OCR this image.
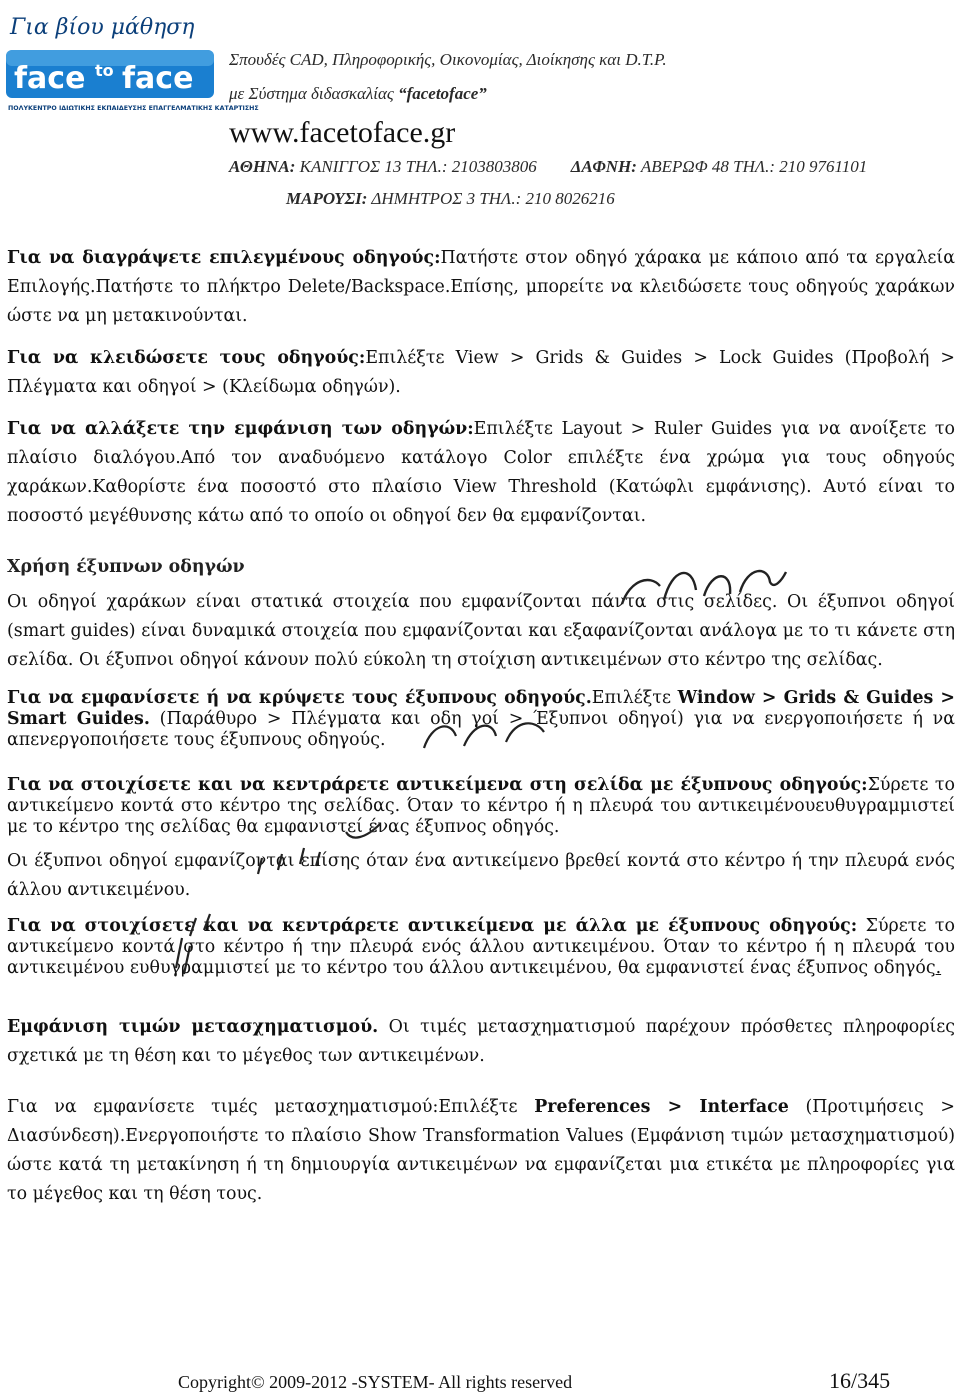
Για βίου μάθηση
face to face
ΠΟΛΥΚΕΝΤΡΟ ΙΔΙΩΤΙΚΗΣ ΕΚΠΑΙΔΕΥΣΗΣ ΕΠΑΓΓΕΛΜΑΤΙΚΗΣ ΚΑΤΑΡΤΙΣΗΣ
Σπουδές CAD, Πληροφορικής, Οικονομίας, Διοίκησης και D.T.P.
με Σύστημα διδασκαλίας “facetoface”
www.facetoface.gr
ΑΘΗΝΑ: ΚΑΝΙΓΓΟΣ 13 ΤΗΛ.: 2103803806 ΔΑΦΝΗ: ΑΒΕΡΩΦ 48 ΤΗΛ.: 210 9761101
ΜΑΡΟΥΣΙ: ΔΗΜΗΤΡΟΣ 3 ΤΗΛ.: 210 8026216

Για να διαγράψετε επιλεγμένους οδηγούς:Πατήστε στον οδηγό χάρακα με κάποιο από τα εργαλεία Επιλογής.Πατήστε το πλήκτρο Delete/Backspace.Επίσης, μπορείτε να κλειδώσετε τους οδηγούς χαράκων ώστε να μη μετακινούνται.

Για να κλειδώσετε τους οδηγούς:Επιλέξτε View > Grids & Guides > Lock Guides (Προβολή > Πλέγματα και οδηγοί > (Κλείδωμα οδηγών).

Για να αλλάξετε την εμφάνιση των οδηγών:Επιλέξτε Layout > Ruler Guides για να ανοίξετε το πλαίσιο διαλόγου.Από τον αναδυόμενο κατάλογο Color επιλέξτε ένα χρώμα για τους οδηγούς χαράκων.Καθορίστε ένα ποσοστό στο πλαίσιο View Threshold (Κατώφλι εμφάνισης). Αυτό είναι το ποσοστό μεγέθυνσης κάτω από το οποίο οι οδηγοί δεν θα εμφανίζονται.

Χρήση έξυπνων οδηγών

Οι οδηγοί χαράκων είναι στατικά στοιχεία που εμφανίζονται πάντα στις σελίδες. Οι έξυπνοι οδηγοί (smart guides) είναι δυναμικά στοιχεία που εμφανίζονται και εξαφανίζονται ανάλογα με το τι κάνετε στη σελίδα. Οι έξυπνοι οδηγοί κάνουν πολύ εύκολη τη στοίχιση αντικειμένων στο κέντρο της σελίδας.

Για να εμφανίσετε ή να κρύψετε τους έξυπνους οδηγούς.Επιλέξτε Window > Grids & Guides > Smart Guides. (Παράθυρο > Πλέγματα και οδη γοί > Έξυπνοι οδηγοί) για να ενεργοποιήσετε ή να απενεργοποιήσετε τους έξυπνους οδηγούς.

Για να στοιχίσετε και να κεντράρετε αντικείμενα στη σελίδα με έξυπνους οδηγούς:Σύρετε το αντικείμενο κοντά στο κέντρο της σελίδας. Όταν το κέντρο ή η πλευρά του αντικειμένουευθυγραμμιστεί με το κέντρο της σελίδας θα εμφανιστεί ένας έξυπνος οδηγός.

Οι έξυπνοι οδηγοί εμφανίζονται επίσης όταν ένα αντικείμενο βρεθεί κοντά στο κέντρο ή την πλευρά ενός άλλου αντικειμένου.

Για να στοιχίσετε και να κεντράρετε αντικείμενα με άλλα με έξυπνους οδηγούς: Σύρετε το αντικείμενο κοντά στο κέντρο ή την πλευρά ενός άλλου αντικειμένου. Όταν το κέντρο ή η πλευρά του αντικειμένου ευθυγραμμιστεί με το κέντρο του άλλου αντικειμένου, θα εμφανιστεί ένας έξυπνος οδηγός.

Εμφάνιση τιμών μετασχηματισμού. Οι τιμές μετασχηματισμού παρέχουν πρόσθετες πληροφορίες σχετικά με τη θέση και το μέγεθος των αντικειμένων.

Για να εμφανίσετε τιμές μετασχηματισμού:Επιλέξτε Preferences > Interface (Προτιμήσεις > Διασύνδεση).Ενεργοποιήστε το πλαίσιο Show Transformation Values (Εμφάνιση τιμών μετασχηματισμού) ώστε κατά τη μετακίνηση ή τη δημιουργία αντικειμένων να εμφανίζεται μια ετικέτα με πληροφορίες για το μέγεθος και τη θέση τους.

Copyright© 2009-2012 -SYSTEM- All rights reserved	16/345
